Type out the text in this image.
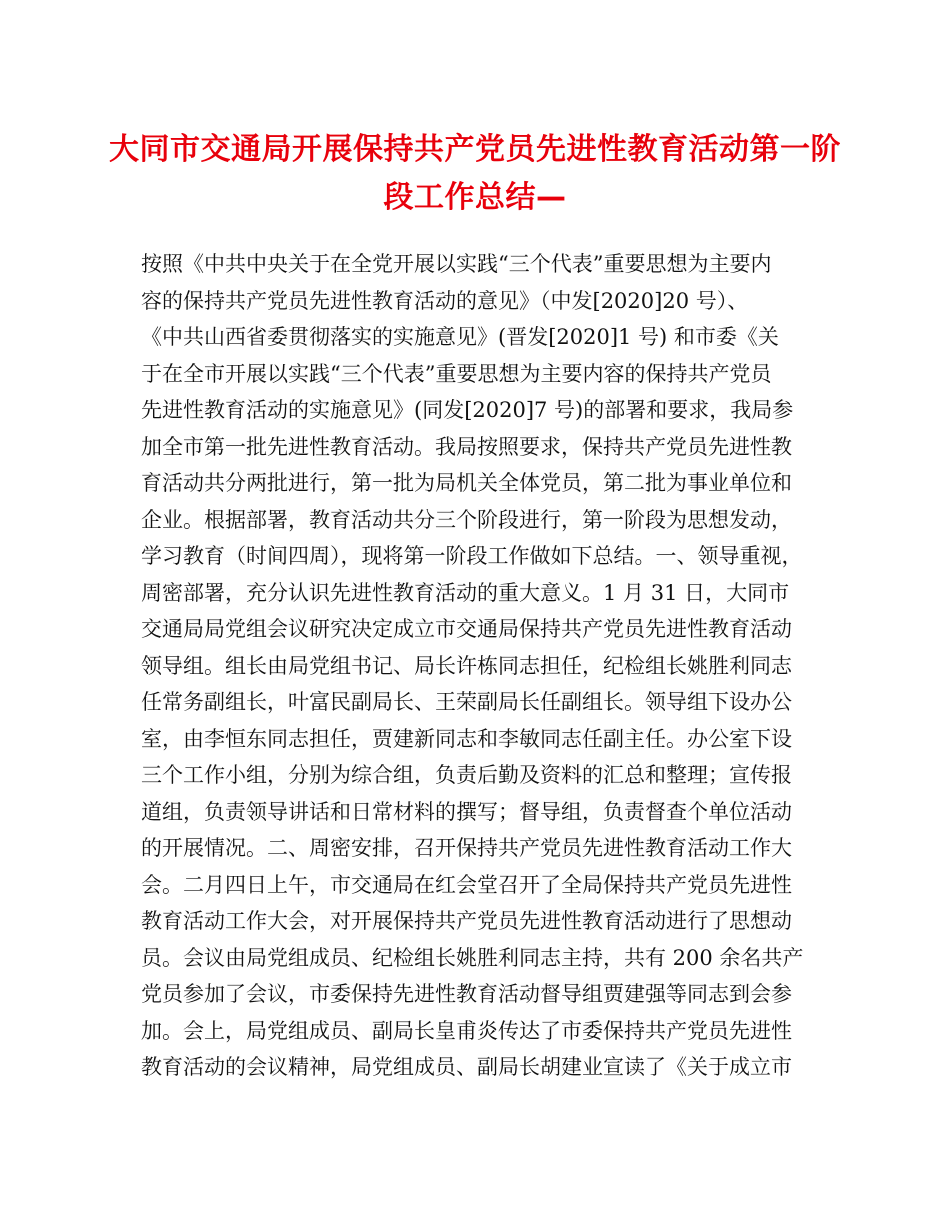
大同市交通局开展保持共产党员先进性教育活动第一阶
段工作总结—
按照《中共中央关于在全党开展以实践“三个代表”重要思想为主要内
容的保持共产党员先进性教育活动的意见》（中发[2020]20 号）、
《中共山西省委贯彻落实的实施意见》(晋发[2020]1 号) 和市委《关
于在全市开展以实践“三个代表”重要思想为主要内容的保持共产党员
先进性教育活动的实施意见》(同发[2020]7 号)的部署和要求，我局参
加全市第一批先进性教育活动。我局按照要求，保持共产党员先进性教
育活动共分两批进行，第一批为局机关全体党员，第二批为事业单位和
企业。根据部署，教育活动共分三个阶段进行，第一阶段为思想发动，
学习教育（时间四周），现将第一阶段工作做如下总结。一、领导重视，
周密部署，充分认识先进性教育活动的重大意义。1 月 31 日，大同市
交通局局党组会议研究决定成立市交通局保持共产党员先进性教育活动
领导组。组长由局党组书记、局长许栋同志担任，纪检组长姚胜利同志
任常务副组长，叶富民副局长、王荣副局长任副组长。领导组下设办公
室，由李恒东同志担任，贾建新同志和李敏同志任副主任。办公室下设
三个工作小组，分别为综合组，负责后勤及资料的汇总和整理；宣传报
道组，负责领导讲话和日常材料的撰写；督导组，负责督查个单位活动
的开展情况。二、周密安排，召开保持共产党员先进性教育活动工作大
会。二月四日上午，市交通局在红会堂召开了全局保持共产党员先进性
教育活动工作大会，对开展保持共产党员先进性教育活动进行了思想动
员。会议由局党组成员、纪检组长姚胜利同志主持，共有 200 余名共产
党员参加了会议，市委保持先进性教育活动督导组贾建强等同志到会参
加。会上，局党组成员、副局长皇甫炎传达了市委保持共产党员先进性
教育活动的会议精神，局党组成员、副局长胡建业宣读了《关于成立市
